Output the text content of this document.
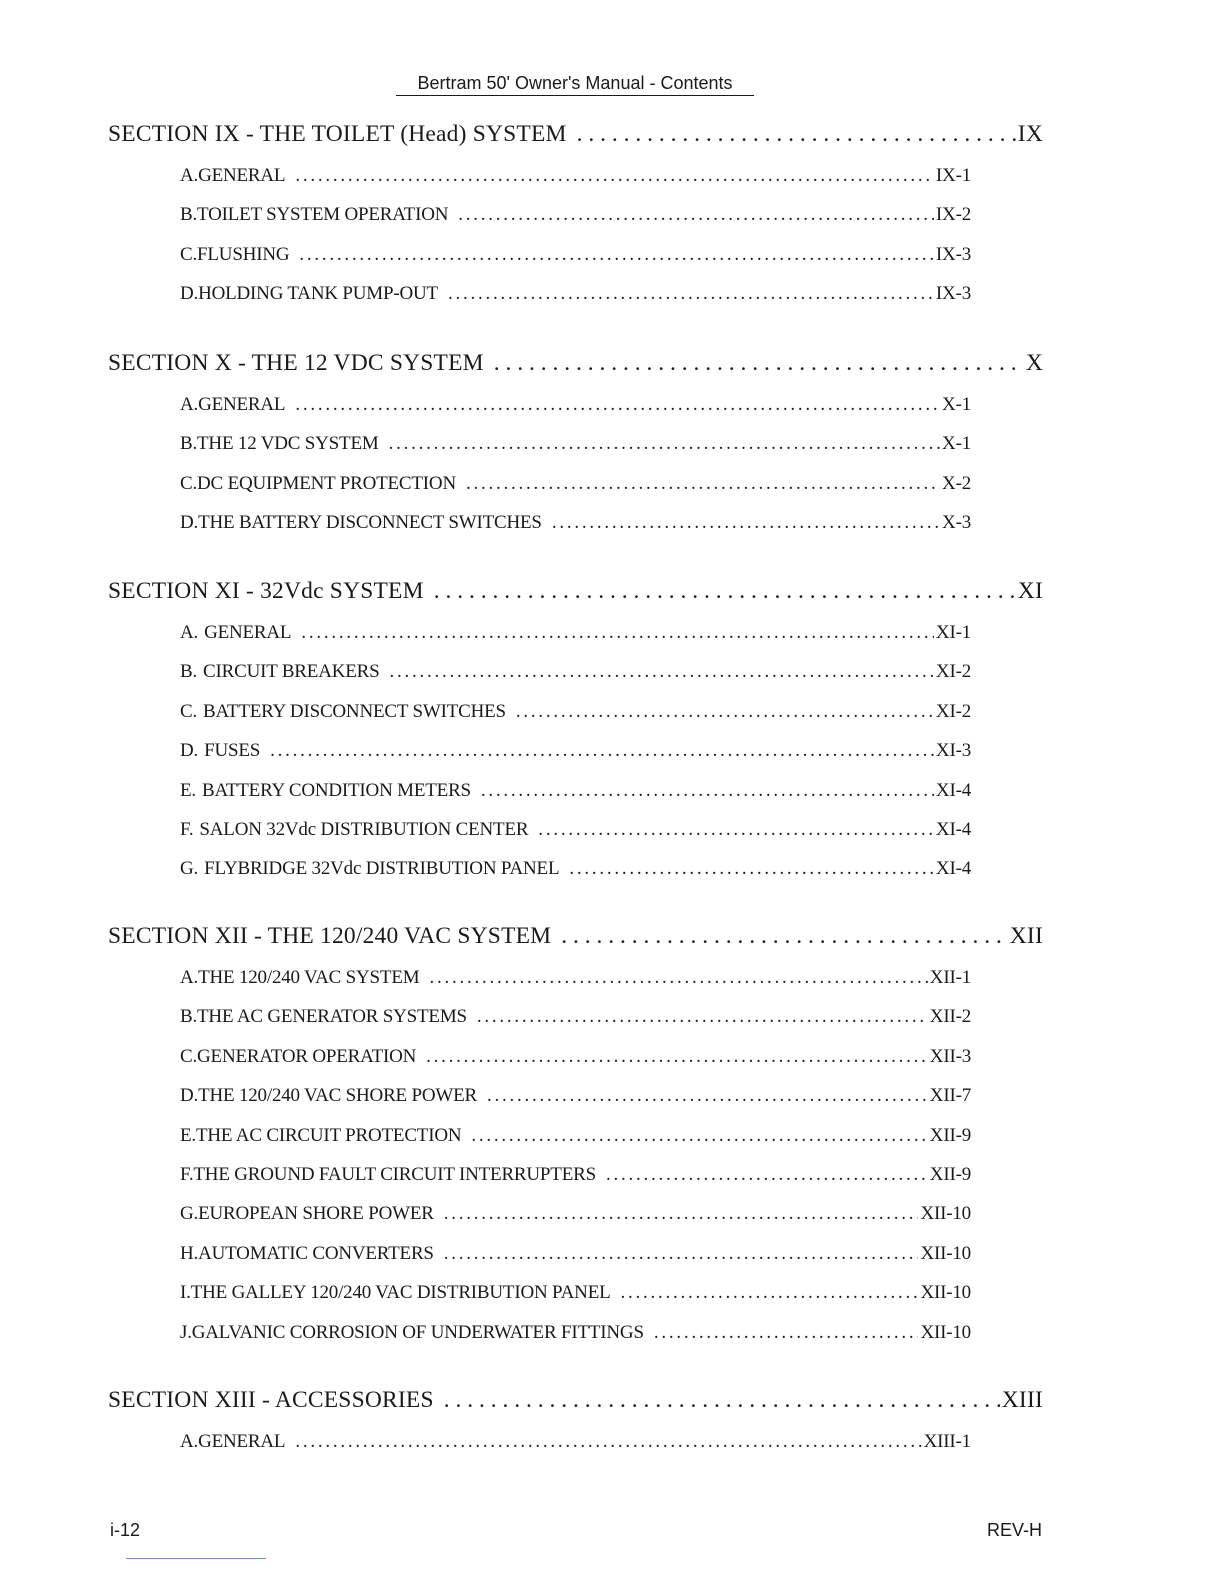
Bertram 50' Owner's Manual - Contents
SECTION IX - THE TOILET (Head) SYSTEM . . .	IX
A. GENERAL . . .	IX-1
B. TOILET SYSTEM OPERATION . . .	IX-2
C. FLUSHING . . .	IX-3
D. HOLDING TANK PUMP-OUT . . .	IX-3
SECTION X - THE 12 VDC SYSTEM . . .	X
A. GENERAL . . .	X-1
B. THE 12 VDC SYSTEM . . .	X-1
C. DC EQUIPMENT PROTECTION . . .	X-2
D. THE BATTERY DISCONNECT SWITCHES . . .	X-3
SECTION XI - 32Vdc SYSTEM . . .	XI
A. GENERAL . . .	XI-1
B. CIRCUIT BREAKERS . . .	XI-2
C. BATTERY DISCONNECT SWITCHES . . .	XI-2
D. FUSES . . .	XI-3
E. BATTERY CONDITION METERS . . .	XI-4
F. SALON 32Vdc DISTRIBUTION CENTER . . .	XI-4
G. FLYBRIDGE 32Vdc DISTRIBUTION PANEL . . .	XI-4
SECTION XII - THE 120/240 VAC SYSTEM . . .	XII
A. THE 120/240 VAC SYSTEM . . .	XII-1
B. THE AC GENERATOR SYSTEMS . . .	XII-2
C. GENERATOR OPERATION . . .	XII-3
D. THE 120/240 VAC SHORE POWER . . .	XII-7
E. THE AC CIRCUIT PROTECTION . . .	XII-9
F. THE GROUND FAULT CIRCUIT INTERRUPTERS . . .	XII-9
G. EUROPEAN SHORE POWER . . .	XII-10
H. AUTOMATIC CONVERTERS . . .	XII-10
I. THE GALLEY 120/240 VAC DISTRIBUTION PANEL . . .	XII-10
J. GALVANIC CORROSION OF UNDERWATER FITTINGS . . .	XII-10
SECTION XIII - ACCESSORIES . . .	XIII
A. GENERAL . . .	XIII-1
i-12	REV-H
